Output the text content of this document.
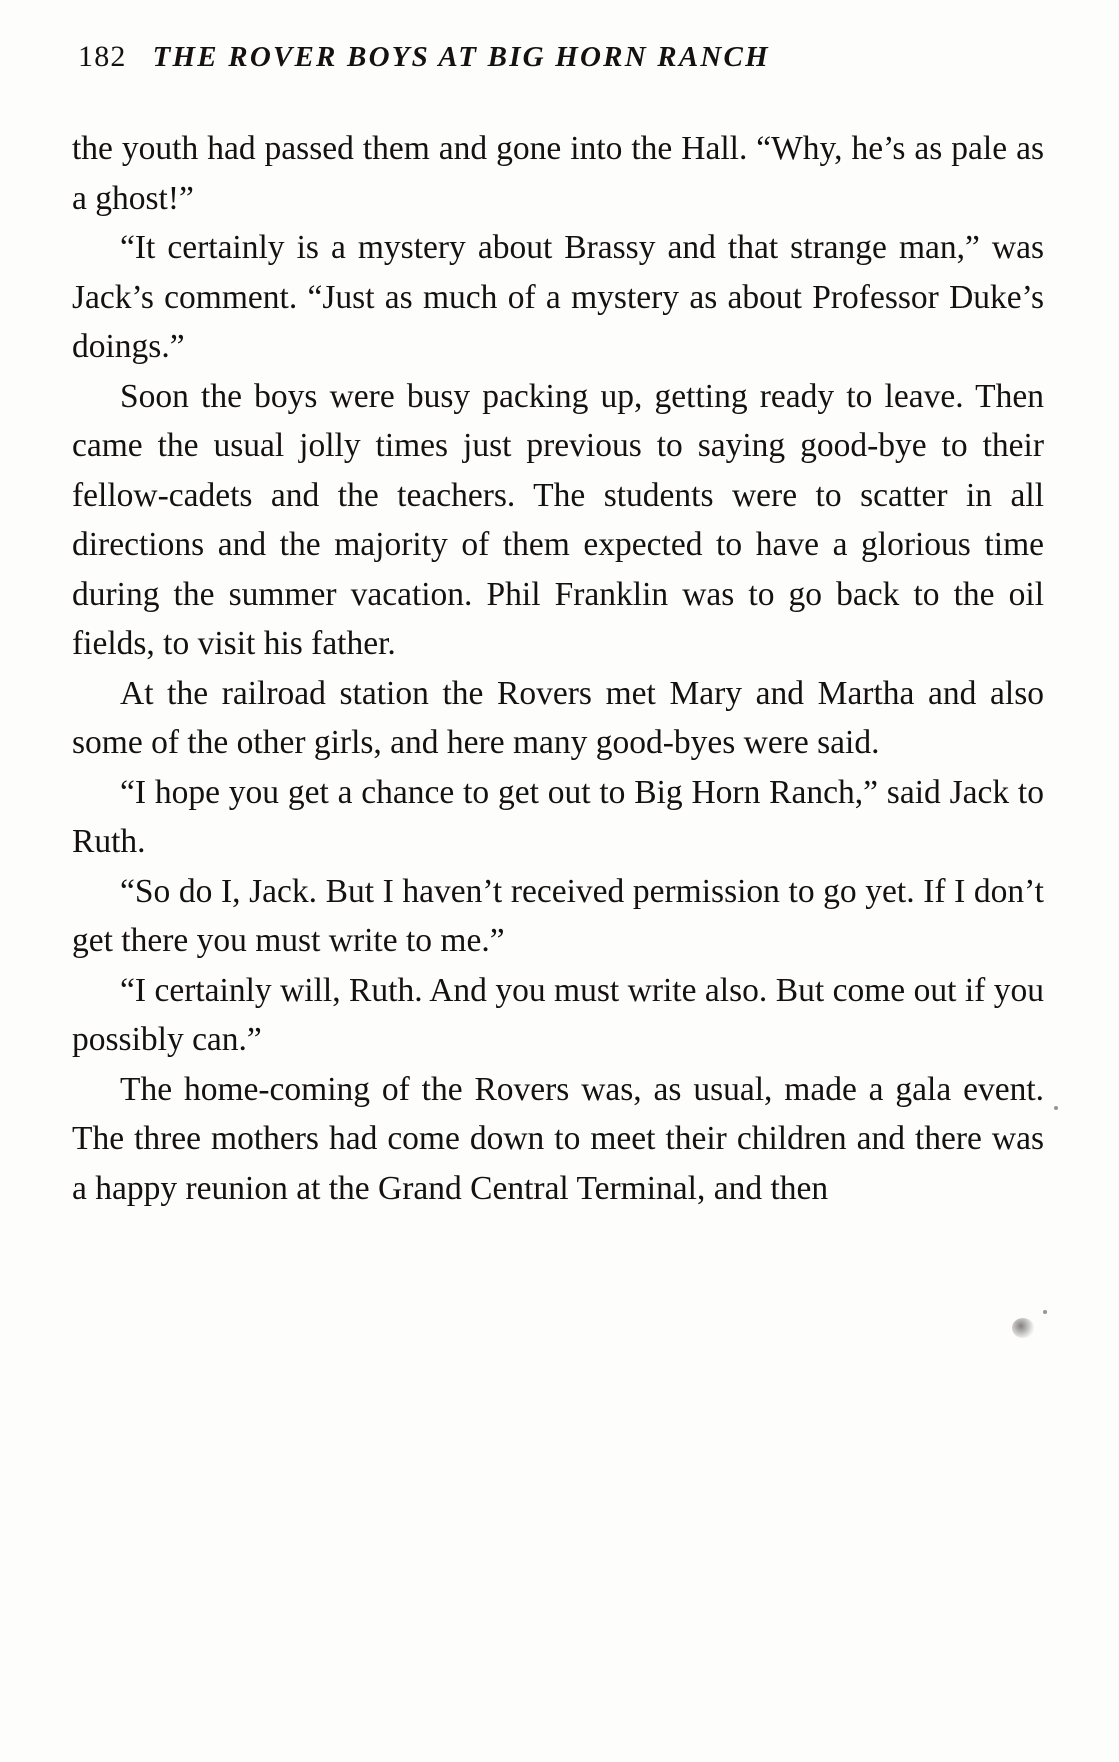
182 THE ROVER BOYS AT BIG HORN RANCH

the youth had passed them and gone into the Hall. “Why, he’s as pale as a ghost!”

“It certainly is a mystery about Brassy and that strange man,” was Jack’s comment. “Just as much of a mystery as about Professor Duke’s doings.”

Soon the boys were busy packing up, getting ready to leave. Then came the usual jolly times just previous to saying good-bye to their fellow-cadets and the teachers. The students were to scatter in all directions and the majority of them expected to have a glorious time during the summer vacation. Phil Franklin was to go back to the oil fields, to visit his father.

At the railroad station the Rovers met Mary and Martha and also some of the other girls, and here many good-byes were said.

“I hope you get a chance to get out to Big Horn Ranch,” said Jack to Ruth.

“So do I, Jack. But I haven’t received permission to go yet. If I don’t get there you must write to me.”

“I certainly will, Ruth. And you must write also. But come out if you possibly can.”

The home-coming of the Rovers was, as usual, made a gala event. The three mothers had come down to meet their children and there was a happy reunion at the Grand Central Terminal, and then
